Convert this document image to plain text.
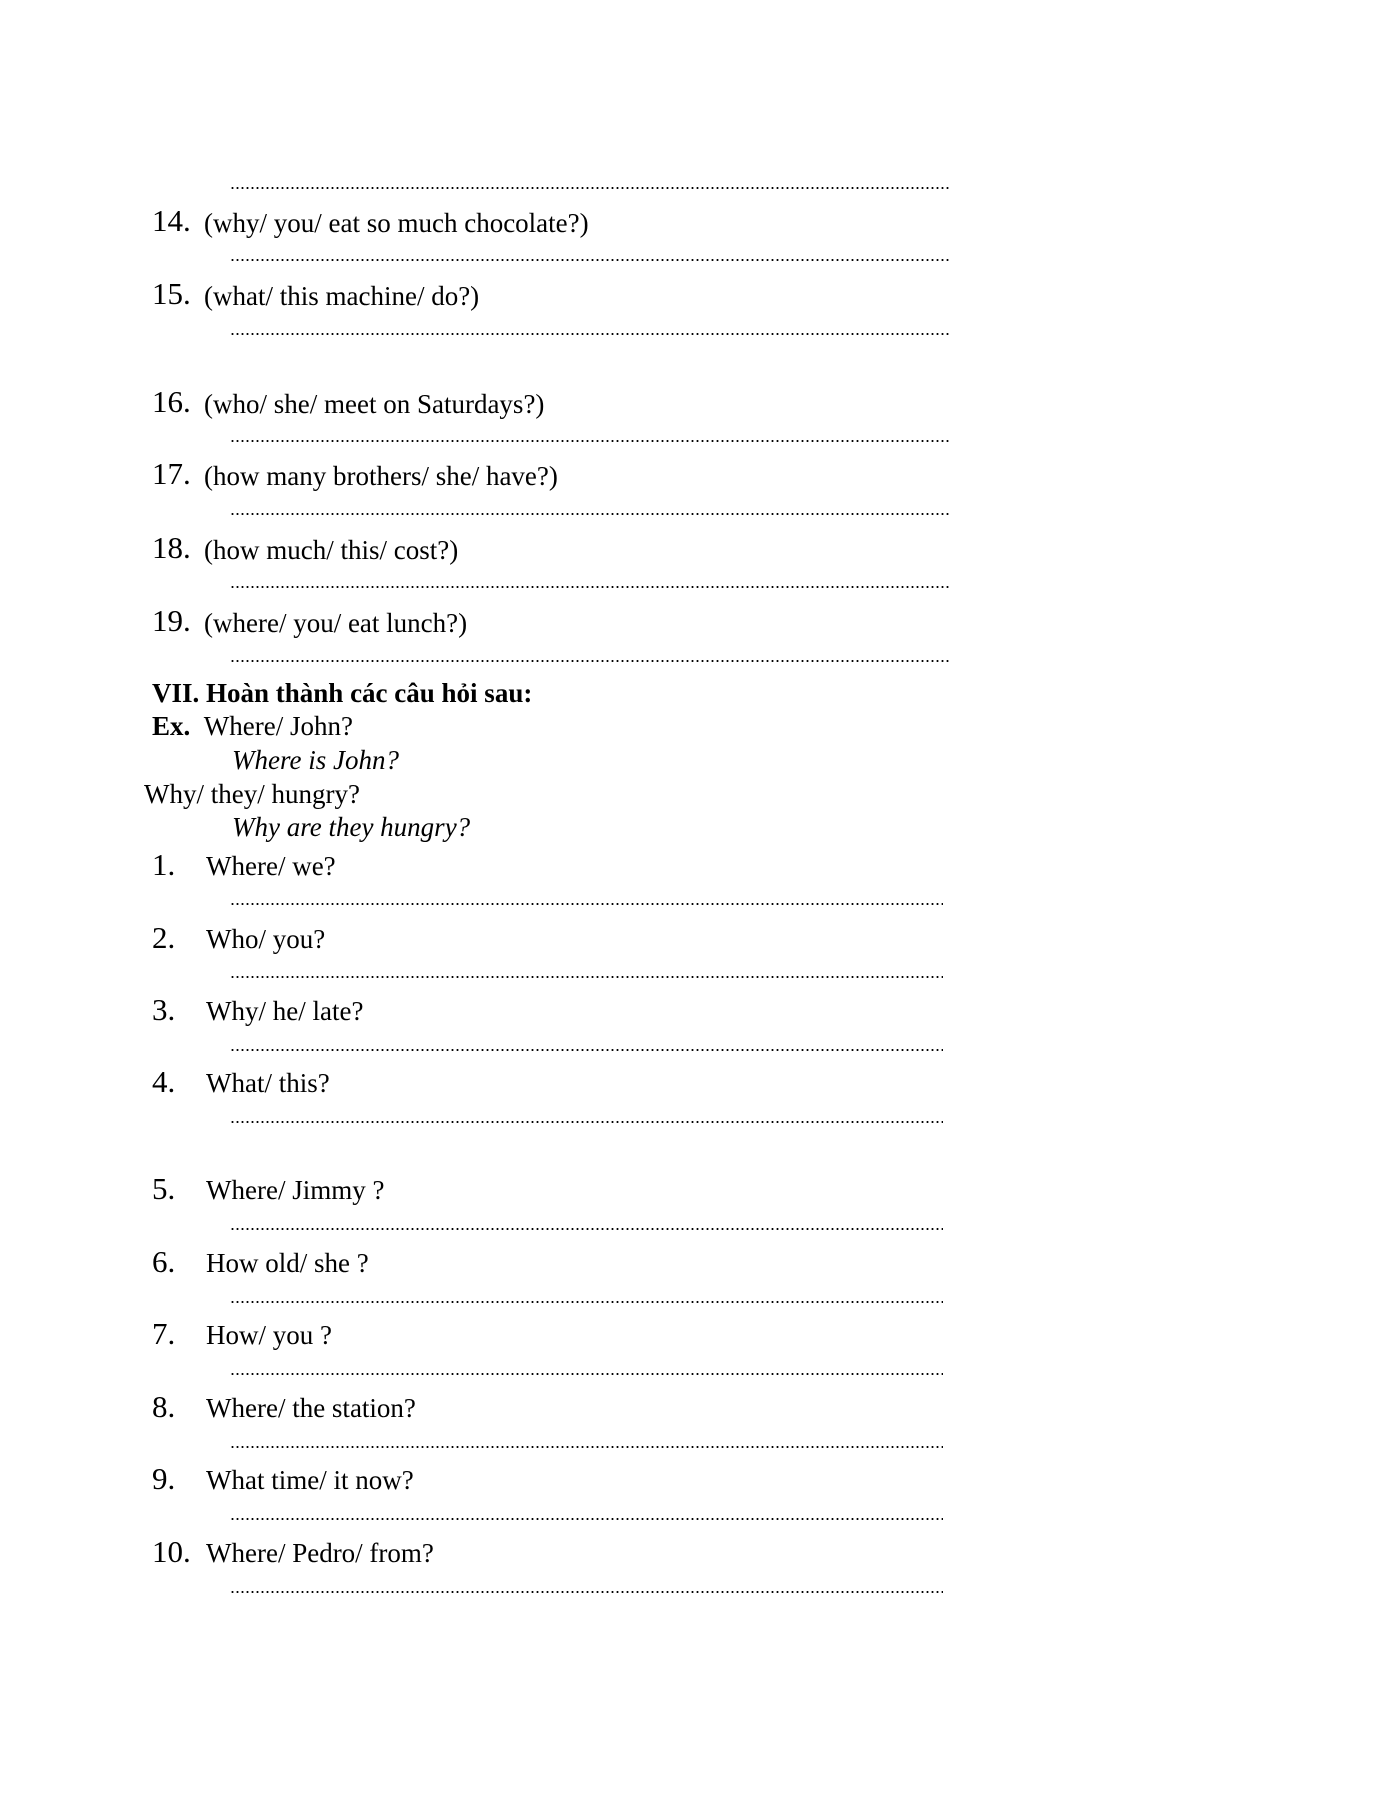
14. (why/ you/ eat so much chocolate?)
15. (what/ this machine/ do?)
16. (who/ she/ meet on Saturdays?)
17. (how many brothers/ she/ have?)
18. (how much/ this/ cost?)
19. (where/ you/ eat lunch?)
VII. Hoàn thành các câu hỏi sau:
Ex. Where/ John?
Where is John?
Why/ they/ hungry?
Why are they hungry?
1. Where/ we?
2. Who/ you?
3. Why/ he/ late?
4. What/ this?
5. Where/ Jimmy ?
6. How old/ she ?
7. How/ you ?
8. Where/ the station?
9. What time/ it now?
10. Where/ Pedro/ from?
